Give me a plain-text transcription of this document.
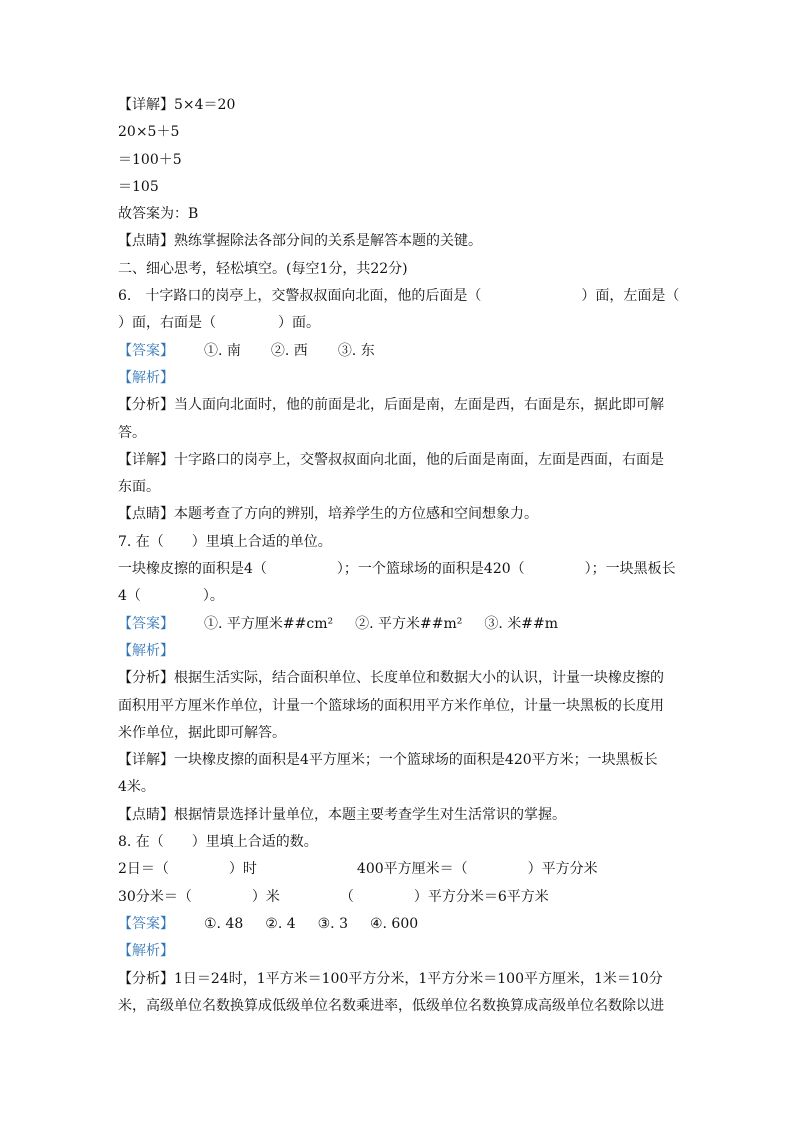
【详解】5×4＝20
20×5＋5
＝100＋5
＝105
故答案为：B
【点睛】熟练掌握除法各部分间的关系是解答本题的关键。
二、细心思考，轻松填空。(每空1分，共22分)
6.　十字路口的岗亭上，交警叔叔面向北面，他的后面是（	）面，左面是（
）面，右面是（	）面。
【答案】 ①. 南 ②. 西 ③. 东
【解析】
【分析】当人面向北面时，他的前面是北，后面是南，左面是西，右面是东，据此即可解
答。
【详解】十字路口的岗亭上，交警叔叔面向北面，他的后面是南面，左面是西面，右面是
东面。
【点睛】本题考查了方向的辨别，培养学生的方位感和空间想象力。
7. 在（　　）里填上合适的单位。
一块橡皮擦的面积是4（	）；一个篮球场的面积是420（	）；一块黑板长
4（	）。
【答案】 ①. 平方厘米##cm² ②. 平方米##m² ③. 米##m
【解析】
【分析】根据生活实际，结合面积单位、长度单位和数据大小的认识，计量一块橡皮擦的
面积用平方厘米作单位，计量一个篮球场的面积用平方米作单位，计量一块黑板的长度用
米作单位，据此即可解答。
【详解】一块橡皮擦的面积是4平方厘米；一个篮球场的面积是420平方米；一块黑板长
4米。
【点睛】根据情景选择计量单位，本题主要考查学生对生活常识的掌握。
8. 在（　　）里填上合适的数。
2日＝（	）时	400平方厘米＝（	）平方分米
30分米＝（	）米	（	）平方分米＝6平方米
【答案】 ①. 48 ②. 4 ③. 3 ④. 600
【解析】
【分析】1日＝24时，1平方米＝100平方分米，1平方分米＝100平方厘米，1米＝10分
米，高级单位名数换算成低级单位名数乘进率，低级单位名数换算成高级单位名数除以进
